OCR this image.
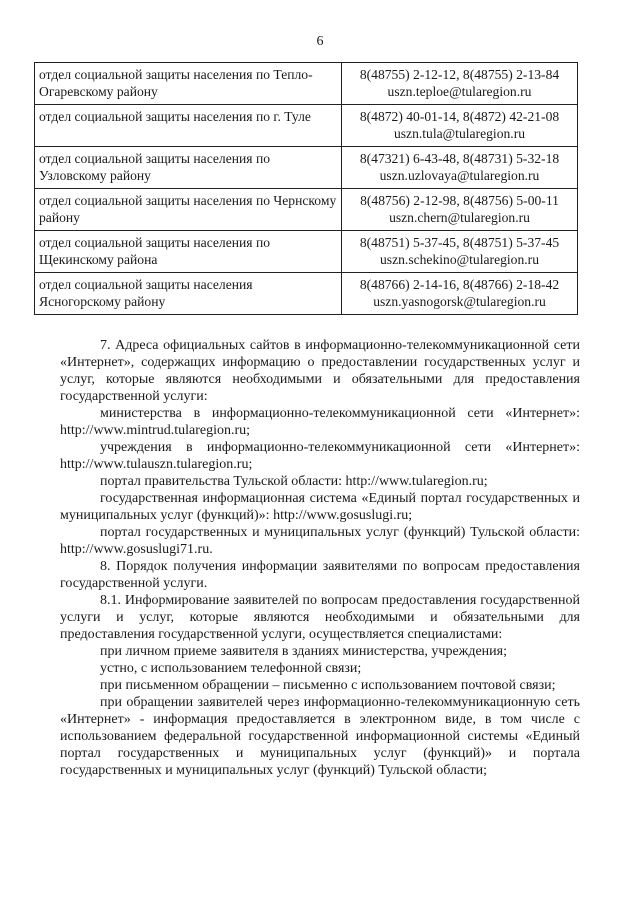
6
отдел социальной защиты населения по Тепло-Огаревскому району	8(48755) 2-12-12, 8(48755) 2-13-84
uszn.teploe@tularegion.ru

отдел социальной защиты населения по г. Туле	8(4872) 40-01-14, 8(4872) 42-21-08
uszn.tula@tularegion.ru

отдел социальной защиты населения по Узловскому району	8(47321) 6-43-48, 8(48731) 5-32-18
uszn.uzlovaya@tularegion.ru

отдел социальной защиты населения по Чернскому району	8(48756) 2-12-98, 8(48756) 5-00-11
uszn.chern@tularegion.ru

отдел социальной защиты населения по Щекинскому района	8(48751) 5-37-45, 8(48751) 5-37-45
uszn.schekino@tularegion.ru

отдел социальной защиты населения Ясногорскому району	8(48766) 2-14-16, 8(48766) 2-18-42
uszn.yasnogorsk@tularegion.ru

7. Адреса официальных сайтов в информационно-телекоммуникационной сети «Интернет», содержащих информацию о предоставлении государственных услуг и услуг, которые являются необходимыми и обязательными для предоставления государственной услуги:

министерства в информационно-телекоммуникационной сети «Интернет»: http://www.mintrud.tularegion.ru;

учреждения в информационно-телекоммуникационной сети «Интернет»: http://www.tulauszn.tularegion.ru;

портал правительства Тульской области: http://www.tularegion.ru;

государственная информационная система «Единый портал государственных и муниципальных услуг (функций)»: http://www.gosuslugi.ru;

портал государственных и муниципальных услуг (функций) Тульской области: http://www.gosuslugi71.ru.

8. Порядок получения информации заявителями по вопросам предоставления государственной услуги.

8.1. Информирование заявителей по вопросам предоставления государственной услуги и услуг, которые являются необходимыми и обязательными для предоставления государственной услуги, осуществляется специалистами:

при личном приеме заявителя в зданиях министерства, учреждения;

устно, с использованием телефонной связи;

при письменном обращении – письменно с использованием почтовой связи;

при обращении заявителей через информационно-телекоммуникационную сеть «Интернет» - информация предоставляется в электронном виде, в том числе с использованием федеральной государственной информационной системы «Единый портал государственных и муниципальных услуг (функций)» и портала государственных и муниципальных услуг (функций) Тульской области;
